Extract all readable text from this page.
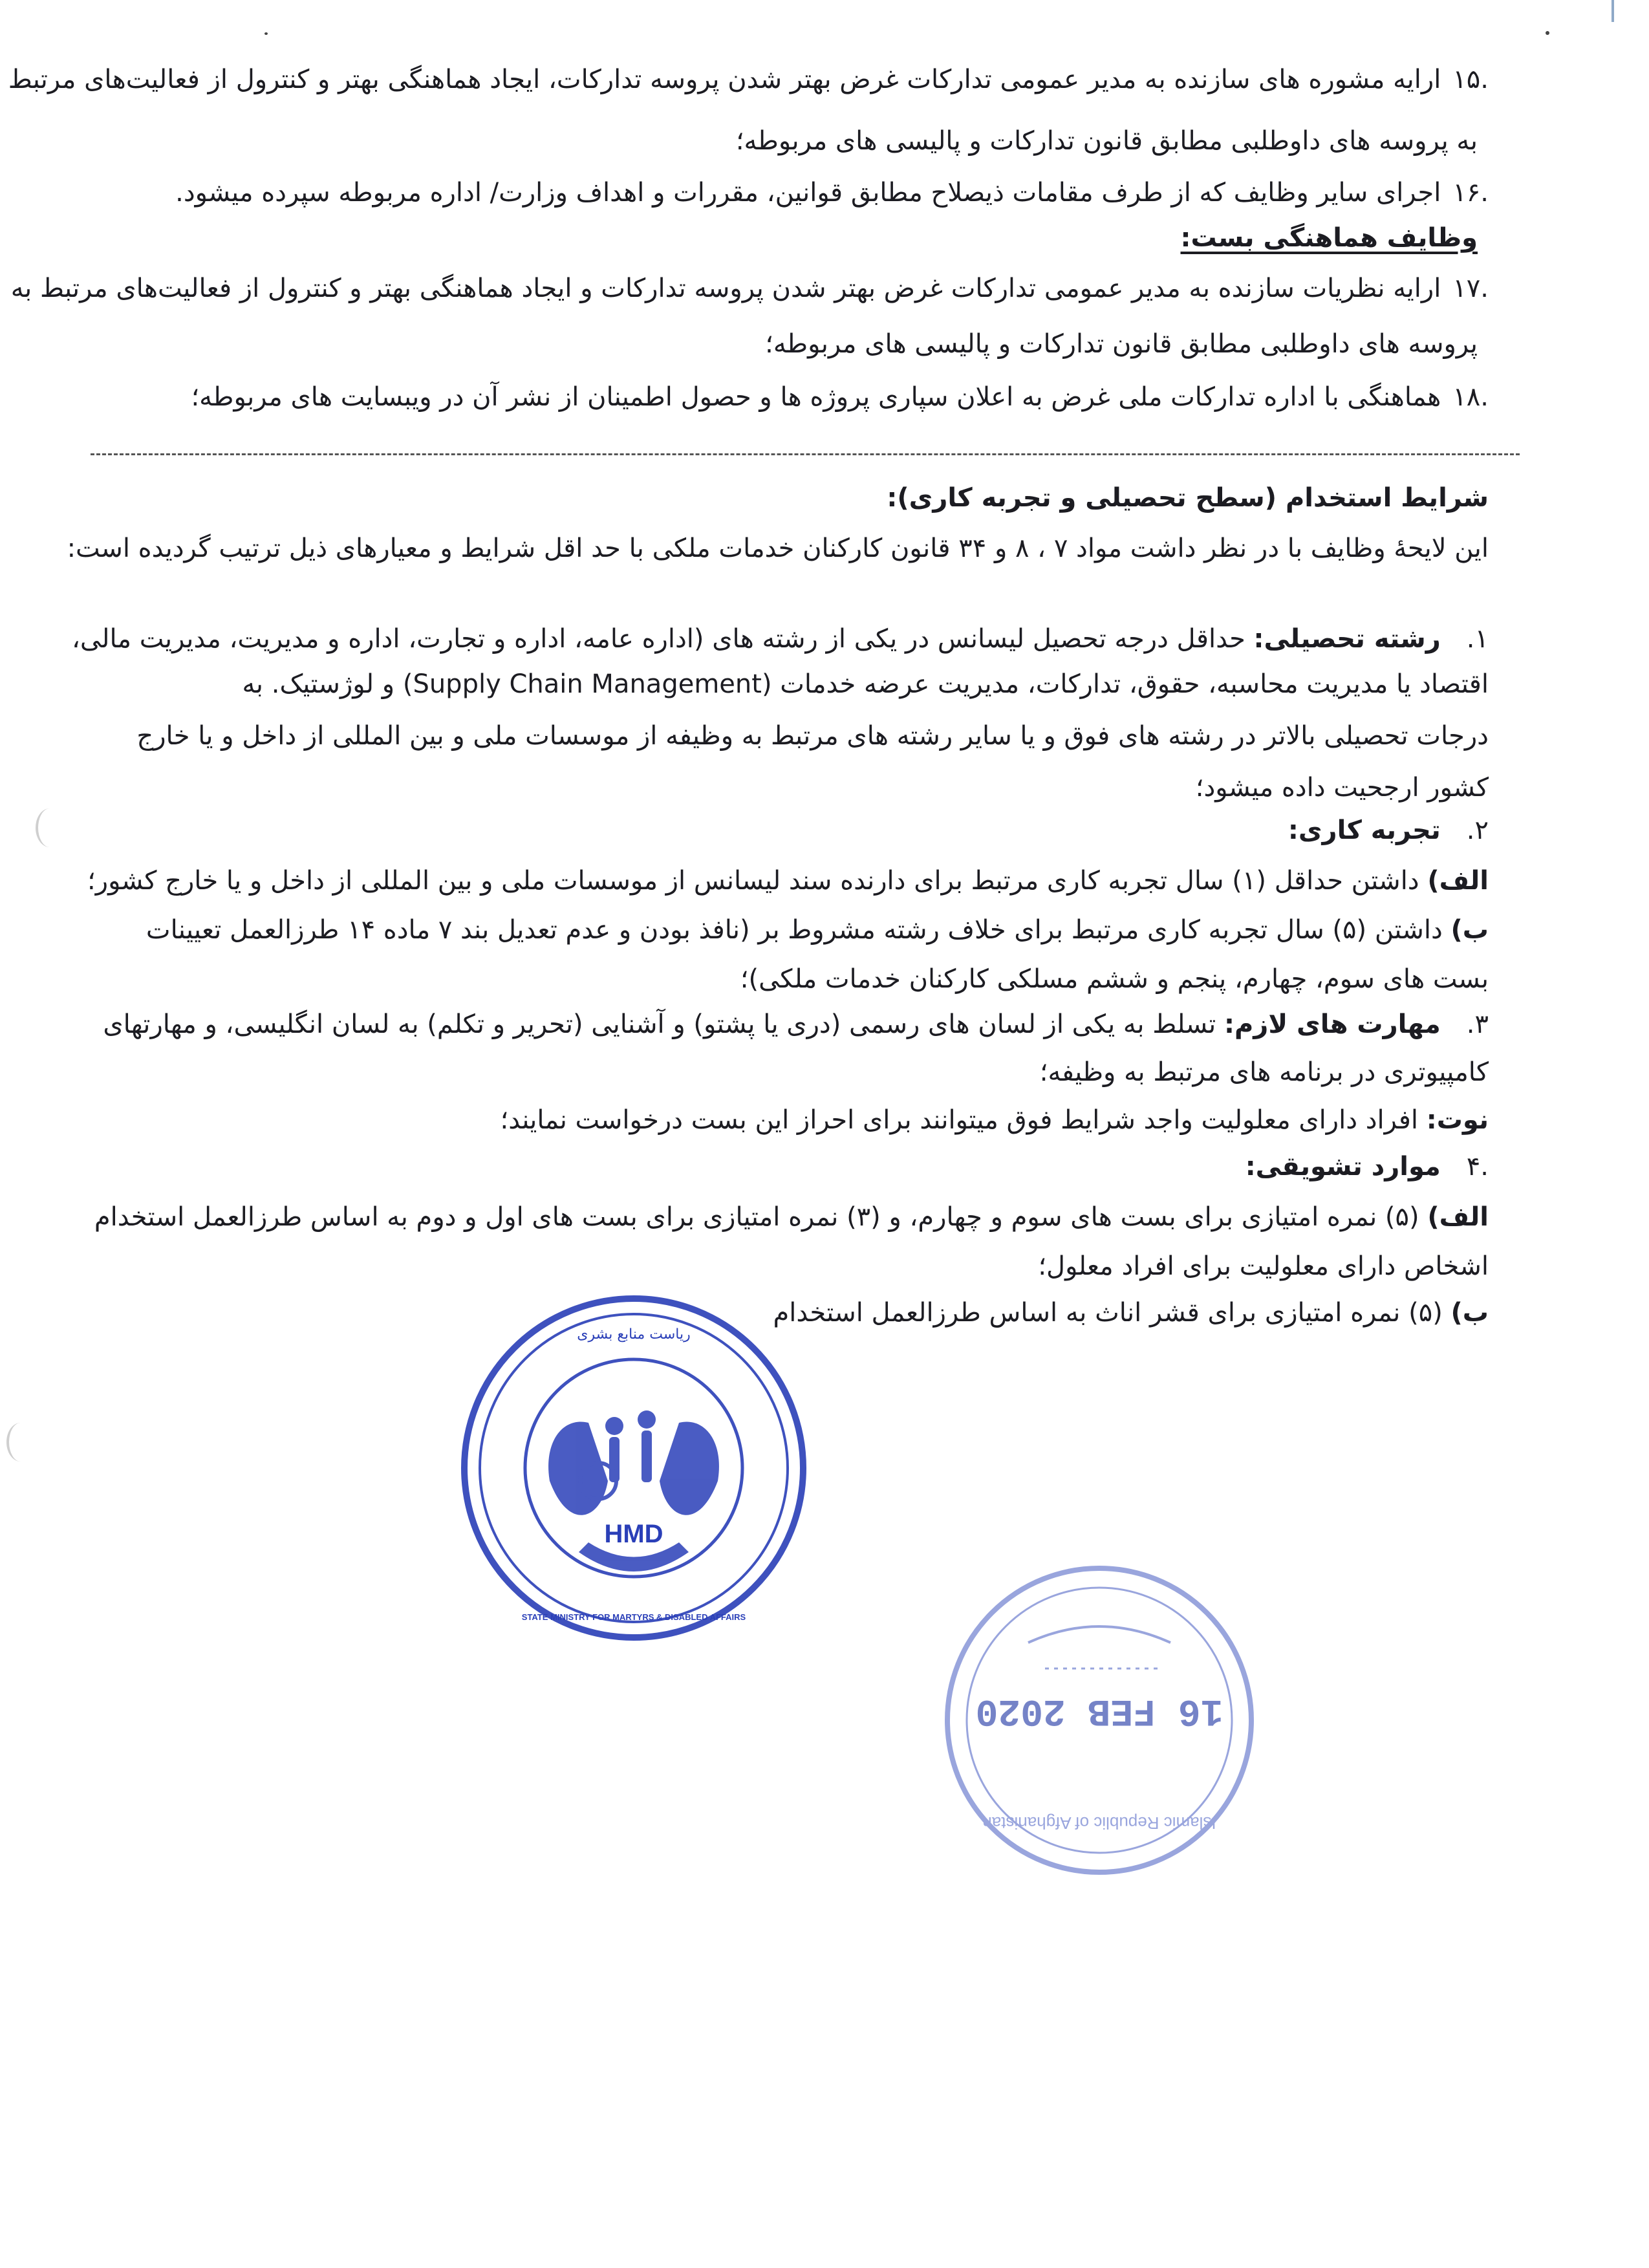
.۱۵ارایه مشوره های سازنده به مدیر عمومی تدارکات غرض بهتر شدن پروسه تدارکات، ایجاد هماهنگی بهتر و کنترول از فعالیت‌های مرتبط
به پروسه های داوطلبی مطابق قانون تدارکات و پالیسی های مربوطه؛
.۱۶اجرای سایر وظایف که از طرف مقامات ذیصلاح مطابق قوانین، مقررات و اهداف وزارت/ اداره مربوطه سپرده میشود.
وظایف هماهنگی بست:
.۱۷ارایه نظریات سازنده به مدیر عمومی تدارکات غرض بهتر شدن پروسه تدارکات و ایجاد هماهنگی بهتر و کنترول از فعالیت‌های مرتبط به
پروسه های داوطلبی مطابق قانون تدارکات و پالیسی های مربوطه؛
.۱۸هماهنگی با اداره تدارکات ملی غرض به اعلان سپاری پروژه ها و حصول اطمینان از نشر آن در ویبسایت های مربوطه؛
شرایط استخدام (سطح تحصیلی و تجربه کاری):
این لایحهٔ وظایف با در نظر داشت مواد ۷ ، ۸ و ۳۴ قانون کارکنان خدمات ملکی با حد اقل شرایط و معیارهای ذیل ترتیب گردیده است:
۱.رشته تحصیلی: حداقل درجه تحصیل لیسانس در یکی از رشته های (اداره عامه، اداره و تجارت، اداره و مدیریت، مدیریت مالی،
اقتصاد یا مدیریت محاسبه، حقوق، تدارکات، مدیریت عرضه خدمات (Supply Chain Management) و لوژستیک. به
درجات تحصیلی بالاتر در رشته های فوق و یا سایر رشته های مرتبط به وظیفه از موسسات ملی و بین المللی از داخل و یا خارج
کشور ارجحیت داده میشود؛
۲.تجربه کاری:
الف) داشتن حداقل (۱) سال تجربه کاری مرتبط برای دارنده سند لیسانس از موسسات ملی و بین المللی از داخل و یا خارج کشور؛
ب) داشتن (۵) سال تجربه کاری مرتبط برای خلاف رشته مشروط بر (نافذ بودن و عدم تعدیل بند ۷ ماده ۱۴ طرزالعمل تعیینات
بست های سوم، چهارم، پنجم و ششم مسلکی کارکنان خدمات ملکی)؛
۳.مهارت های لازم: تسلط به یکی از لسان های رسمی (دری یا پشتو) و آشنایی (تحریر و تکلم) به لسان انگلیسی، و مهارتهای
کامپیوتری در برنامه های مرتبط به وظیفه؛
نوت: افراد دارای معلولیت واجد شرایط فوق میتوانند برای احراز این بست درخواست نمایند؛
.۴موارد تشویقی:
الف) (۵) نمره امتیازی برای بست های سوم و چهارم، و (۳) نمره امتیازی برای بست های اول و دوم به اساس طرزالعمل استخدام
اشخاص دارای معلولیت برای افراد معلول؛
ب) (۵) نمره امتیازی برای قشر اناث به اساس طرزالعمل استخدام
HMD
ریاست منابع بشری
STATE MINISTRY FOR MARTYRS & DISABLED AFFAIRS
16 FEB 2020
Islamic Republic of Afghanistan
